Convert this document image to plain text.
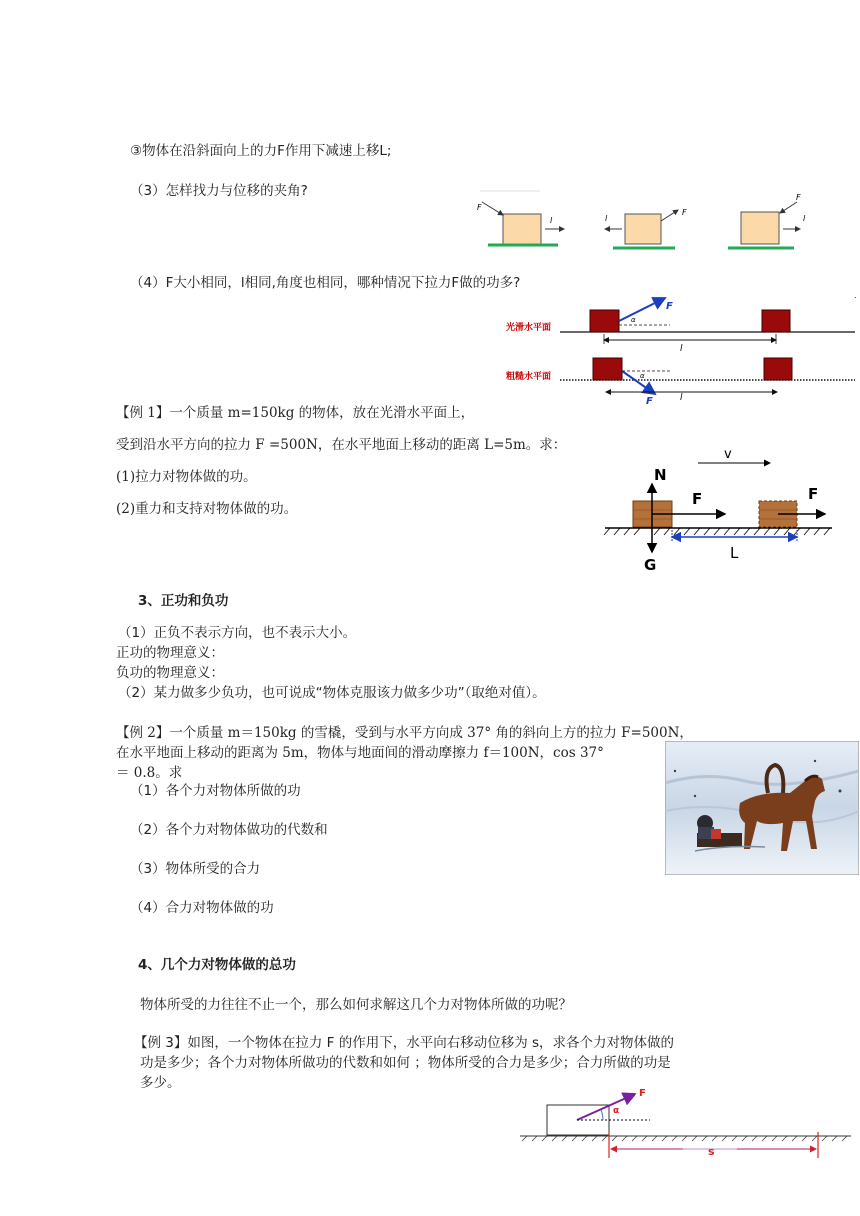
③物体在沿斜面向上的力F作用下减速上移L;
（3）怎样找力与位移的夹角?
（4）F大小相同，l相同,角度也相同，哪种情况下拉力F做的功多?
【例 1】一个质量 m=150kg 的物体，放在光滑水平面上，
受到沿水平方向的拉力 F =500N，在水平地面上移动的距离 L=5m。求：
(1)拉力对物体做的功。
(2)重力和支持对物体做的功。
3、正功和负功
（1）正负不表示方向，也不表示大小。
正功的物理意义：
负功的物理意义：
（2）某力做多少负功，也可说成“物体克服该力做多少功”（取绝对值）。
【例 2】一个质量 m＝150kg 的雪橇，受到与水平方向成 37° 角的斜向上方的拉力 F=500N，
在水平地面上移动的距离为 5m，物体与地面间的滑动摩擦力 f＝100N，cos 37°
＝ 0.8。求
（1）各个力对物体所做的功
（2）各个力对物体做功的代数和
（3）物体所受的合力
（4）合力对物体做的功
4、几个力对物体做的总功
物体所受的力往往不止一个，那么如何求解这几个力对物体所做的功呢？
【例 3】如图，一个物体在拉力 F 的作用下，水平向右移动位移为 s，求各个力对物体做的
功是多少；各个力对物体所做功的代数和如何 ；物体所受的合力是多少；合力所做的功是
多少。
F
l
F
l
F
l
.
光滑水平面
F
α
l
粗糙水平面
F
α
l
N
v
F
G
F
L
F
α
s
